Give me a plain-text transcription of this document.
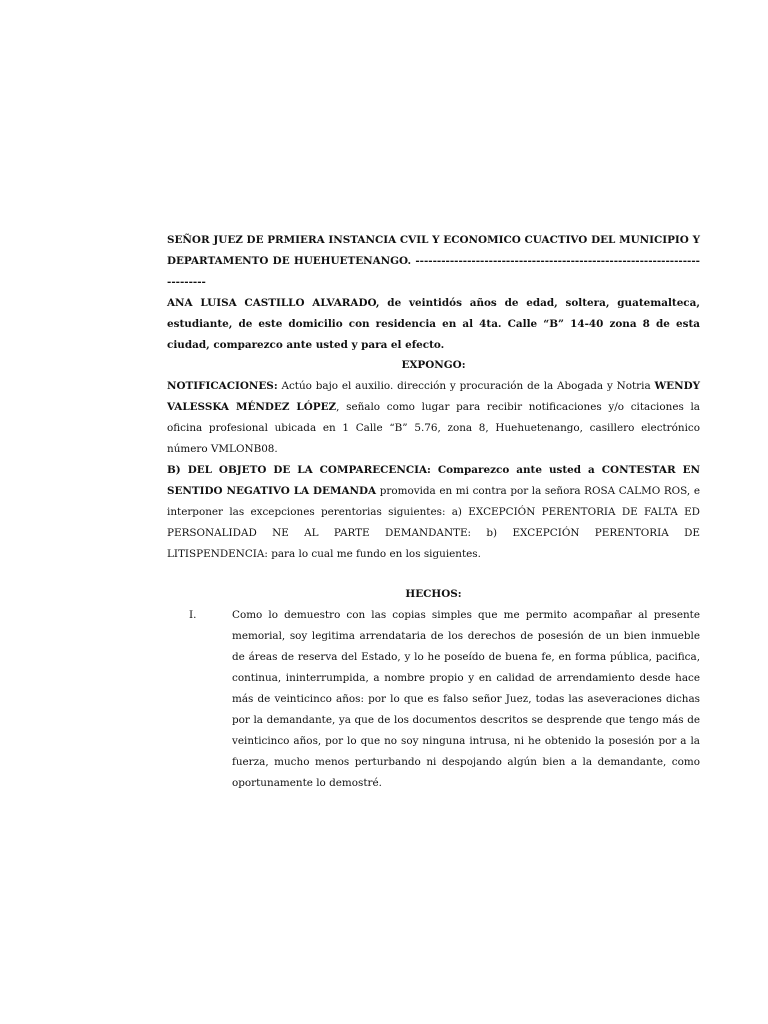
SEÑOR JUEZ DE PRMIERA INSTANCIA CVIL Y ECONOMICO CUACTIVO DEL MUNICIPIO Y DEPARTAMENTO DE HUEHUETENANGO. ---------------------------------------------------------------------------

ANA LUISA CASTILLO ALVARADO, de veintidós años de edad, soltera, guatemalteca, estudiante, de este domicilio con residencia en al 4ta. Calle “B” 14-40 zona 8 de esta ciudad, comparezco ante usted y para el efecto.

EXPONGO:

NOTIFICACIONES: Actúo bajo el auxilio. dirección y procuración de la Abogada y Notria WENDY VALESSKA MÉNDEZ LÓPEZ, señalo como lugar para recibir notificaciones y/o citaciones la oficina profesional ubicada en 1 Calle “B” 5.76, zona 8, Huehuetenango, casillero electrónico número VMLONB08.

B) DEL OBJETO DE LA COMPARECENCIA: Comparezco ante usted a CONTESTAR EN SENTIDO NEGATIVO LA DEMANDA promovida en mi contra por la señora ROSA CALMO ROS, e interponer las excepciones perentorias siguientes: a) EXCEPCIÓN PERENTORIA DE FALTA ED PERSONALIDAD NE AL PARTE DEMANDANTE: b) EXCEPCIÓN PERENTORIA DE LITISPENDENCIA: para lo cual me fundo en los siguientes.

HECHOS:
I.	Como lo demuestro con las copias simples que me permito acompañar al presente memorial, soy legitima arrendataria de los derechos de posesión de un bien inmueble de áreas de reserva del Estado, y lo he poseído de buena fe, en forma pública, pacifica, continua, ininterrumpida, a nombre propio y en calidad de arrendamiento desde hace más de veinticinco años: por lo que es falso señor Juez, todas las aseveraciones dichas por la demandante, ya que de los documentos descritos se desprende que tengo más de veinticinco años, por lo que no soy ninguna intrusa, ni he obtenido la posesión por a la fuerza, mucho menos perturbando ni despojando algún bien a la demandante, como oportunamente lo demostré.
